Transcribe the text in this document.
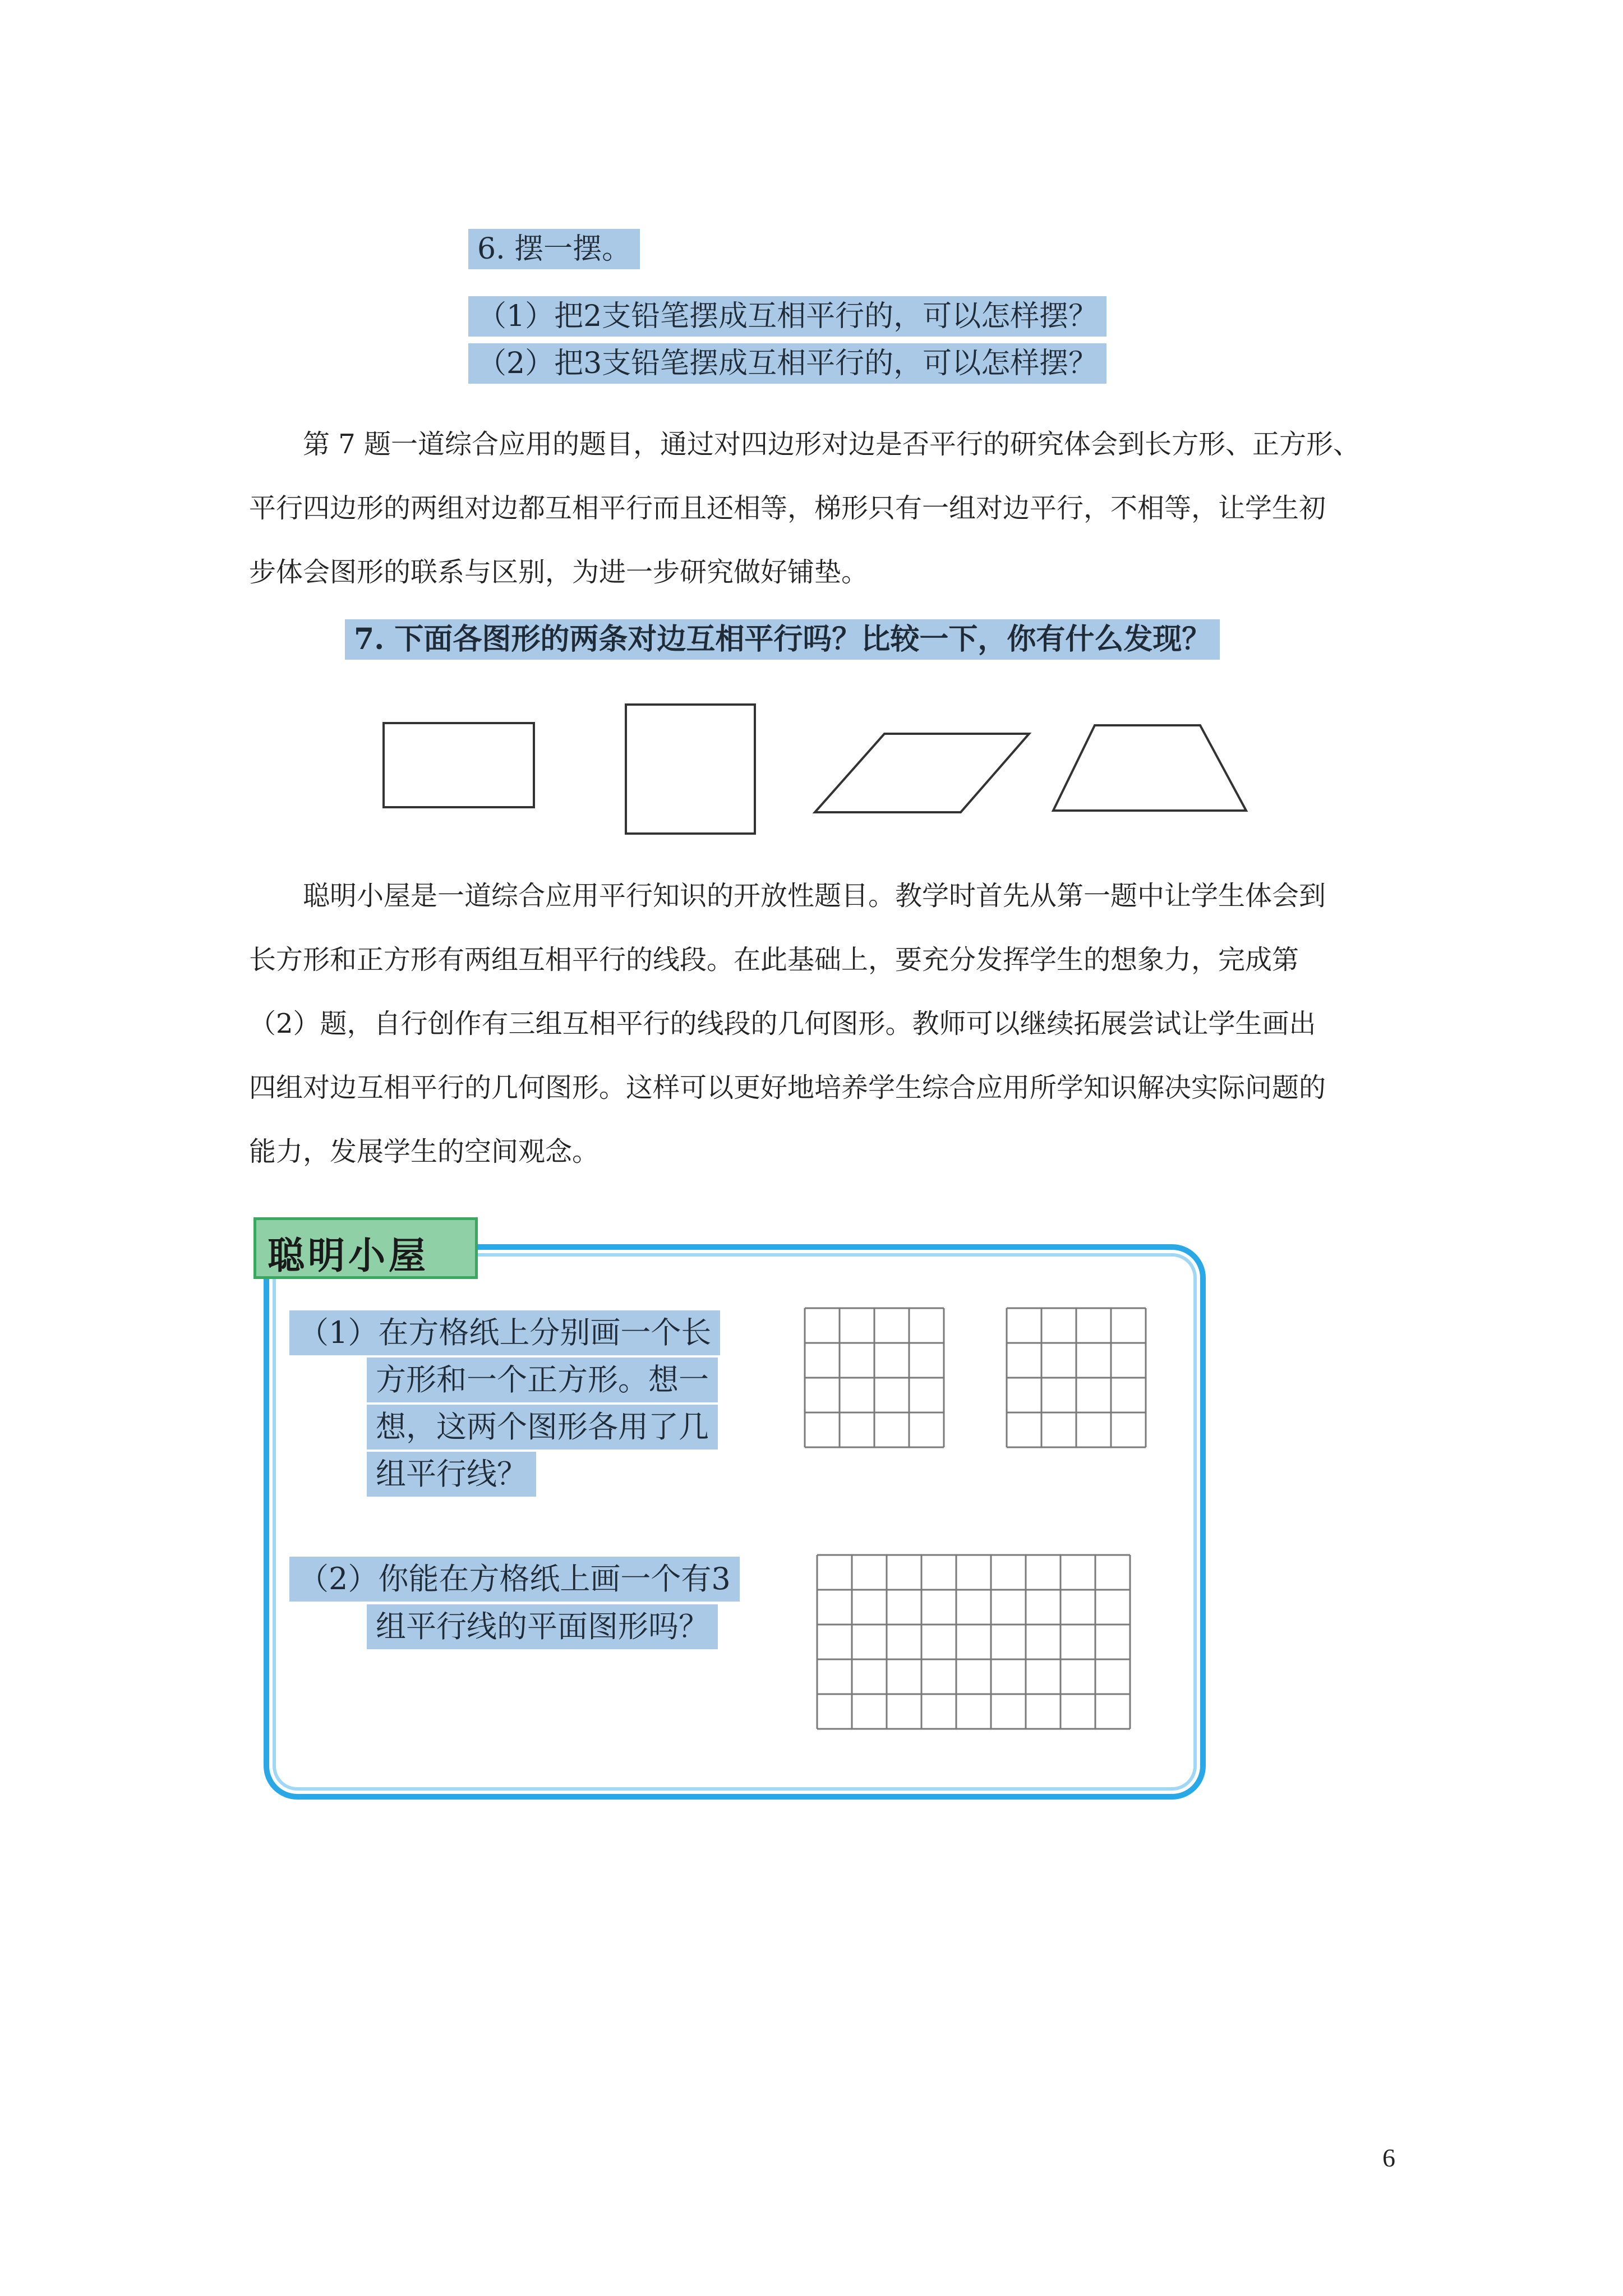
6. 摆一摆。
（1）把2支铅笔摆成互相平行的，可以怎样摆？
（2）把3支铅笔摆成互相平行的，可以怎样摆？
第 7 题一道综合应用的题目，通过对四边形对边是否平行的研究体会到长方形、正方形、
平行四边形的两组对边都互相平行而且还相等，梯形只有一组对边平行，不相等，让学生初
步体会图形的联系与区别，为进一步研究做好铺垫。
7. 下面各图形的两条对边互相平行吗？比较一下，你有什么发现？
聪明小屋是一道综合应用平行知识的开放性题目。教学时首先从第一题中让学生体会到
长方形和正方形有两组互相平行的线段。在此基础上，要充分发挥学生的想象力，完成第
（2）题，自行创作有三组互相平行的线段的几何图形。教师可以继续拓展尝试让学生画出
四组对边互相平行的几何图形。这样可以更好地培养学生综合应用所学知识解决实际问题的
能力，发展学生的空间观念。
聪明小屋
（1）在方格纸上分别画一个长
方形和一个正方形。想一
想，这两个图形各用了几
组平行线？
（2）你能在方格纸上画一个有3
组平行线的平面图形吗？
6
